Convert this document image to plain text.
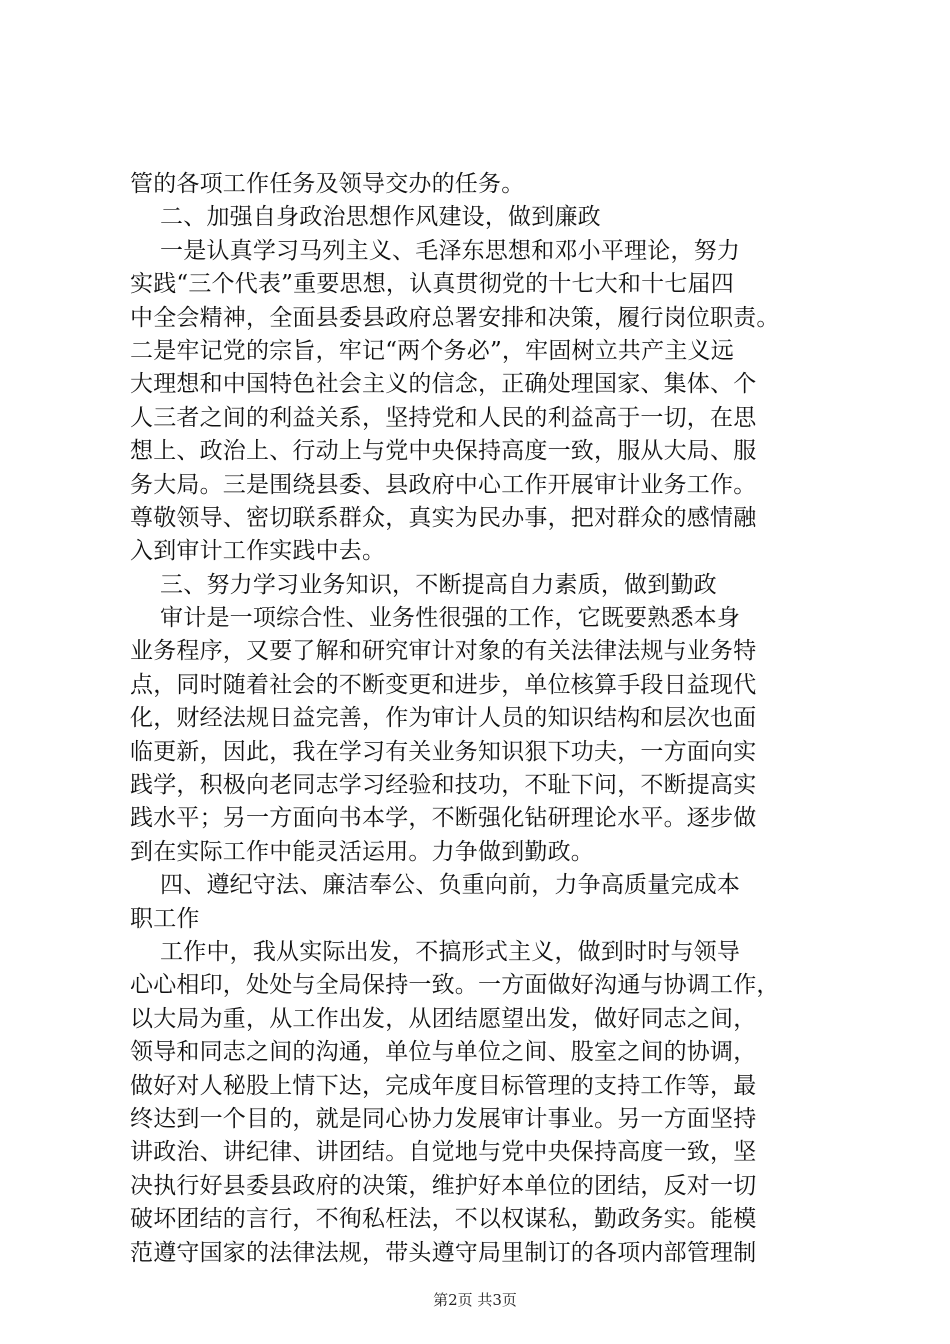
管的各项工作任务及领导交办的任务。
二、加强自身政治思想作风建设，做到廉政
一是认真学习马列主义、毛泽东思想和邓小平理论，努力
实践“三个代表”重要思想，认真贯彻党的十七大和十七届四
中全会精神，全面县委县政府总署安排和决策，履行岗位职责。
二是牢记党的宗旨，牢记“两个务必”，牢固树立共产主义远
大理想和中国特色社会主义的信念，正确处理国家、集体、个
人三者之间的利益关系，坚持党和人民的利益高于一切，在思
想上、政治上、行动上与党中央保持高度一致，服从大局、服
务大局。三是围绕县委、县政府中心工作开展审计业务工作。
尊敬领导、密切联系群众，真实为民办事，把对群众的感情融
入到审计工作实践中去。
三、努力学习业务知识，不断提高自力素质，做到勤政
审计是一项综合性、业务性很强的工作，它既要熟悉本身
业务程序，又要了解和研究审计对象的有关法律法规与业务特
点，同时随着社会的不断变更和进步，单位核算手段日益现代
化，财经法规日益完善，作为审计人员的知识结构和层次也面
临更新，因此，我在学习有关业务知识狠下功夫，一方面向实
践学，积极向老同志学习经验和技功，不耻下问，不断提高实
践水平；另一方面向书本学，不断强化钻研理论水平。逐步做
到在实际工作中能灵活运用。力争做到勤政。
四、遵纪守法、廉洁奉公、负重向前，力争高质量完成本
职工作
工作中，我从实际出发，不搞形式主义，做到时时与领导
心心相印，处处与全局保持一致。一方面做好沟通与协调工作，
以大局为重，从工作出发，从团结愿望出发，做好同志之间，
领导和同志之间的沟通，单位与单位之间、股室之间的协调，
做好对人秘股上情下达，完成年度目标管理的支持工作等，最
终达到一个目的，就是同心协力发展审计事业。另一方面坚持
讲政治、讲纪律、讲团结。自觉地与党中央保持高度一致，坚
决执行好县委县政府的决策，维护好本单位的团结，反对一切
破坏团结的言行，不徇私枉法，不以权谋私，勤政务实。能模
范遵守国家的法律法规，带头遵守局里制订的各项内部管理制
第2页 共3页
